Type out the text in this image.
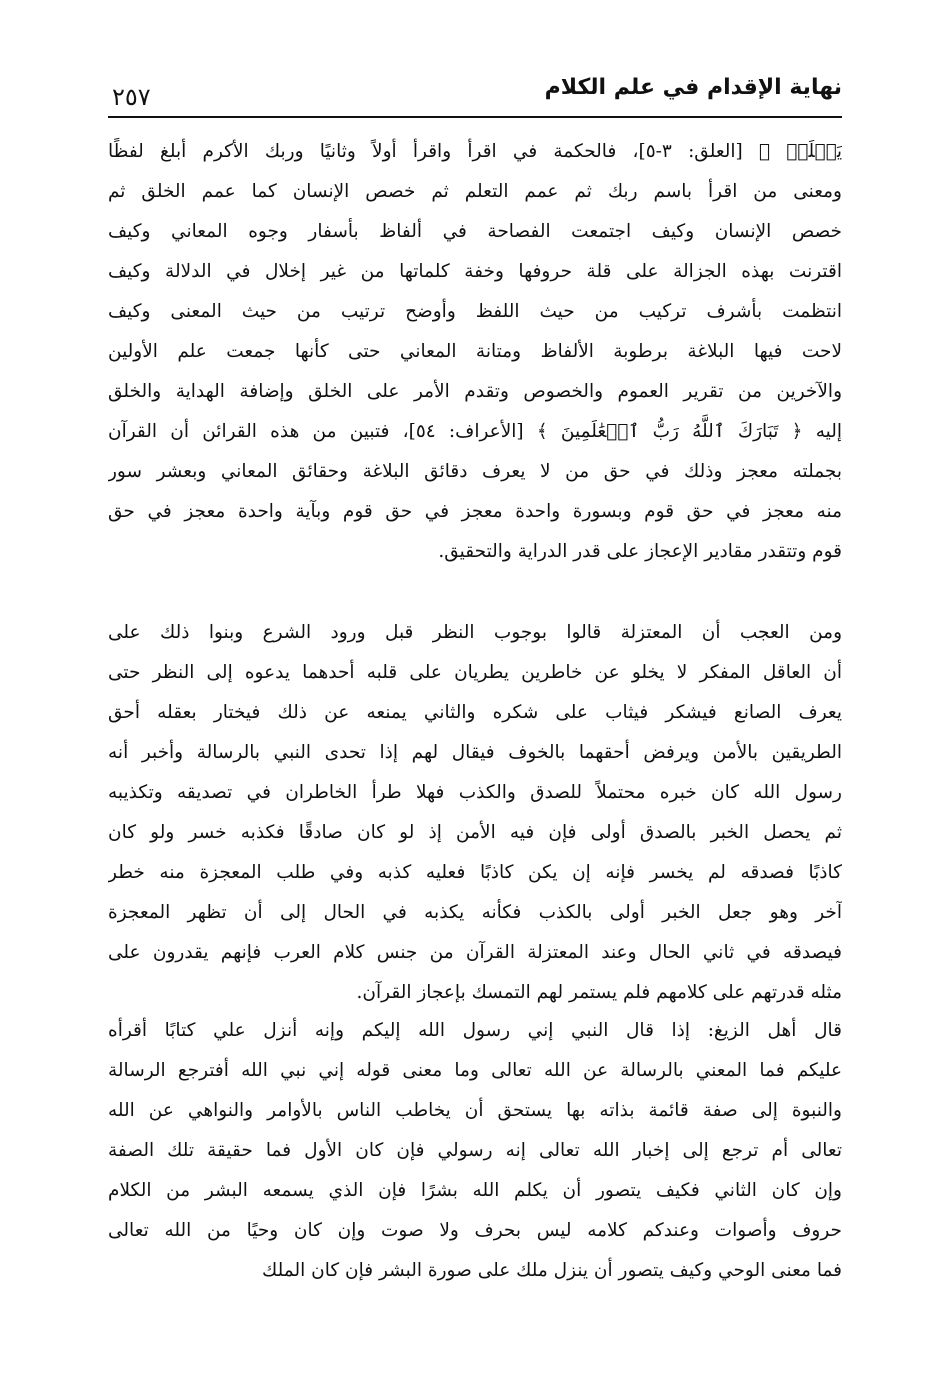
نهاية الإقدام في علم الكلام
٢٥٧
يَعۡلَمۡ ﴾ [العلق: ٣-٥]، فالحكمة في اقرأ واقرأ أولاً وثانيًا وربك الأكرم أبلغ لفظًا
ومعنى من اقرأ باسم ربك ثم عمم التعلم ثم خصص الإنسان كما عمم الخلق ثم
خصص الإنسان وكيف اجتمعت الفصاحة في ألفاظ بأسفار وجوه المعاني وكيف
اقترنت بهذه الجزالة على قلة حروفها وخفة كلماتها من غير إخلال في الدلالة وكيف
انتظمت بأشرف تركيب من حيث اللفظ وأوضح ترتيب من حيث المعنى وكيف
لاحت فيها البلاغة برطوبة الألفاظ ومتانة المعاني حتى كأنها جمعت علم الأولين
والآخرين من تقرير العموم والخصوص وتقدم الأمر على الخلق وإضافة الهداية والخلق
إليه ﴿ تَبَارَكَ ٱللَّهُ رَبُّ ٱلۡعَٰلَمِينَ ﴾ [الأعراف: ٥٤]، فتبين من هذه القرائن أن القرآن
بجملته معجز وذلك في حق من لا يعرف دقائق البلاغة وحقائق المعاني وبعشر سور
منه معجز في حق قوم وبسورة واحدة معجز في حق قوم وبآية واحدة معجز في حق
قوم وتتقدر مقادير الإعجاز على قدر الدراية والتحقيق.
ومن العجب أن المعتزلة قالوا بوجوب النظر قبل ورود الشرع وبنوا ذلك على
أن العاقل المفكر لا يخلو عن خاطرين يطريان على قلبه أحدهما يدعوه إلى النظر حتى
يعرف الصانع فيشكر فيثاب على شكره والثاني يمنعه عن ذلك فيختار بعقله أحق
الطريقين بالأمن ويرفض أحقهما بالخوف فيقال لهم إذا تحدى النبي بالرسالة وأخبر أنه
رسول الله كان خبره محتملاً للصدق والكذب فهلا طرأ الخاطران في تصديقه وتكذيبه
ثم يحصل الخبر بالصدق أولى فإن فيه الأمن إذ لو كان صادقًا فكذبه خسر ولو كان
كاذبًا فصدقه لم يخسر فإنه إن يكن كاذبًا فعليه كذبه وفي طلب المعجزة منه خطر
آخر وهو جعل الخبر أولى بالكذب فكأنه يكذبه في الحال إلى أن تظهر المعجزة
فيصدقه في ثاني الحال وعند المعتزلة القرآن من جنس كلام العرب فإنهم يقدرون على
مثله قدرتهم على كلامهم فلم يستمر لهم التمسك بإعجاز القرآن.
قال أهل الزيغ: إذا قال النبي إني رسول الله إليكم وإنه أنزل علي كتابًا أقرأه
عليكم فما المعني بالرسالة عن الله تعالى وما معنى قوله إني نبي الله أفترجع الرسالة
والنبوة إلى صفة قائمة بذاته بها يستحق أن يخاطب الناس بالأوامر والنواهي عن الله
تعالى أم ترجع إلى إخبار الله تعالى إنه رسولي فإن كان الأول فما حقيقة تلك الصفة
وإن كان الثاني فكيف يتصور أن يكلم الله بشرًا فإن الذي يسمعه البشر من الكلام
حروف وأصوات وعندكم كلامه ليس بحرف ولا صوت وإن كان وحيًا من الله تعالى
فما معنى الوحي وكيف يتصور أن ينزل ملك على صورة البشر فإن كان الملك
